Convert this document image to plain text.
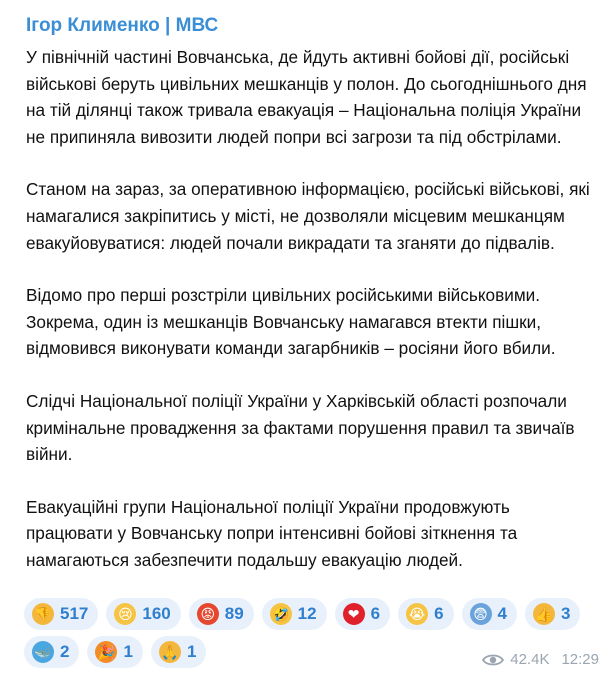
Ігор Клименко | МВС
У північній частині Вовчанська, де йдуть активні бойові дії, російські військові беруть цивільних мешканців у полон. До сьогоднішнього дня на тій ділянці також тривала евакуація – Національна поліція України не припиняла вивозити людей попри всі загрози та під обстрілами.
Станом на зараз, за оперативною інформацією, російські військові, які намагалися закріпитись у місті, не дозволяли місцевим мешканцям евакуйовуватися: людей почали викрадати та зганяти до підвалів.
Відомо про перші розстріли цивільних російськими військовими. Зокрема, один із мешканців Вовчанську намагався втекти пішки, відмовився виконувати команди загарбників – росіяни його вбили.
Слідчі Національної поліції України у Харківській області розпочали кримінальне провадження за фактами порушення правил та звичаїв війни.
Евакуаційні групи Національної поліції України продовжують працювати у Вовчанську попри інтенсивні бойові зіткнення та намагаються забезпечити подальшу евакуацію людей.
👎 517 😢 160 😡 89 🤣 12	❤ 6 😭 6 😨 4 👍 3
🐳 2 🎉 1 🙏 1	42.4K 12:29
